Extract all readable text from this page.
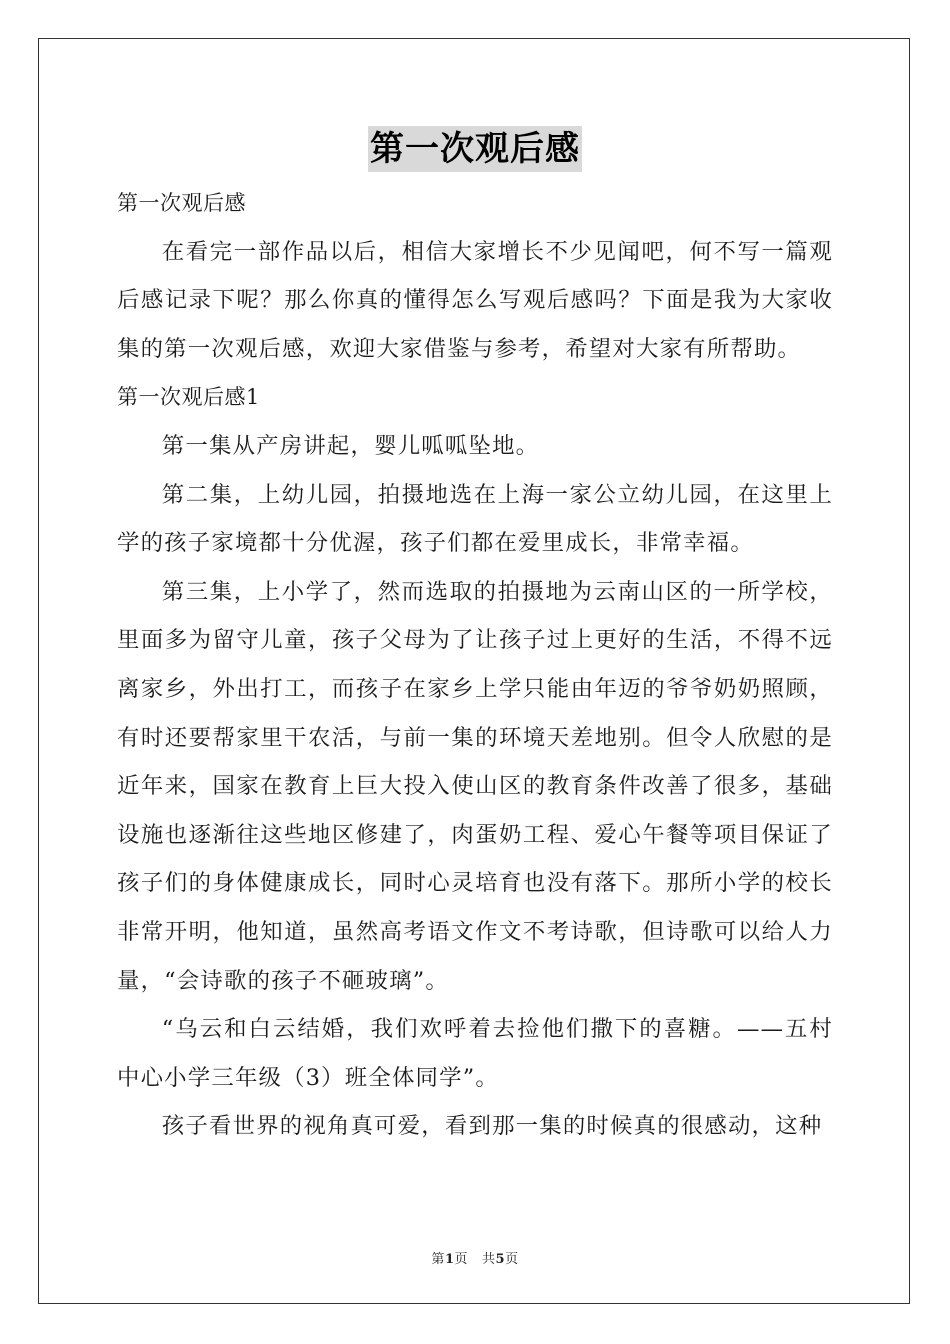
第一次观后感

第一次观后感

在看完一部作品以后，相信大家增长不少见闻吧，何不写一篇观后感记录下呢？那么你真的懂得怎么写观后感吗？下面是我为大家收集的第一次观后感，欢迎大家借鉴与参考，希望对大家有所帮助。

第一次观后感1

第一集从产房讲起，婴儿呱呱坠地。

第二集，上幼儿园，拍摄地选在上海一家公立幼儿园，在这里上学的孩子家境都十分优渥，孩子们都在爱里成长，非常幸福。

第三集，上小学了，然而选取的拍摄地为云南山区的一所学校，里面多为留守儿童，孩子父母为了让孩子过上更好的生活，不得不远离家乡，外出打工，而孩子在家乡上学只能由年迈的爷爷奶奶照顾，有时还要帮家里干农活，与前一集的环境天差地别。但令人欣慰的是近年来，国家在教育上巨大投入使山区的教育条件改善了很多，基础设施也逐渐往这些地区修建了，肉蛋奶工程、爱心午餐等项目保证了孩子们的身体健康成长，同时心灵培育也没有落下。那所小学的校长非常开明，他知道，虽然高考语文作文不考诗歌，但诗歌可以给人力量，“会诗歌的孩子不砸玻璃”。

“乌云和白云结婚，我们欢呼着去捡他们撒下的喜糖。——五村中心小学三年级（3）班全体同学”。

孩子看世界的视角真可爱，看到那一集的时候真的很感动，这种

第1页 共5页
